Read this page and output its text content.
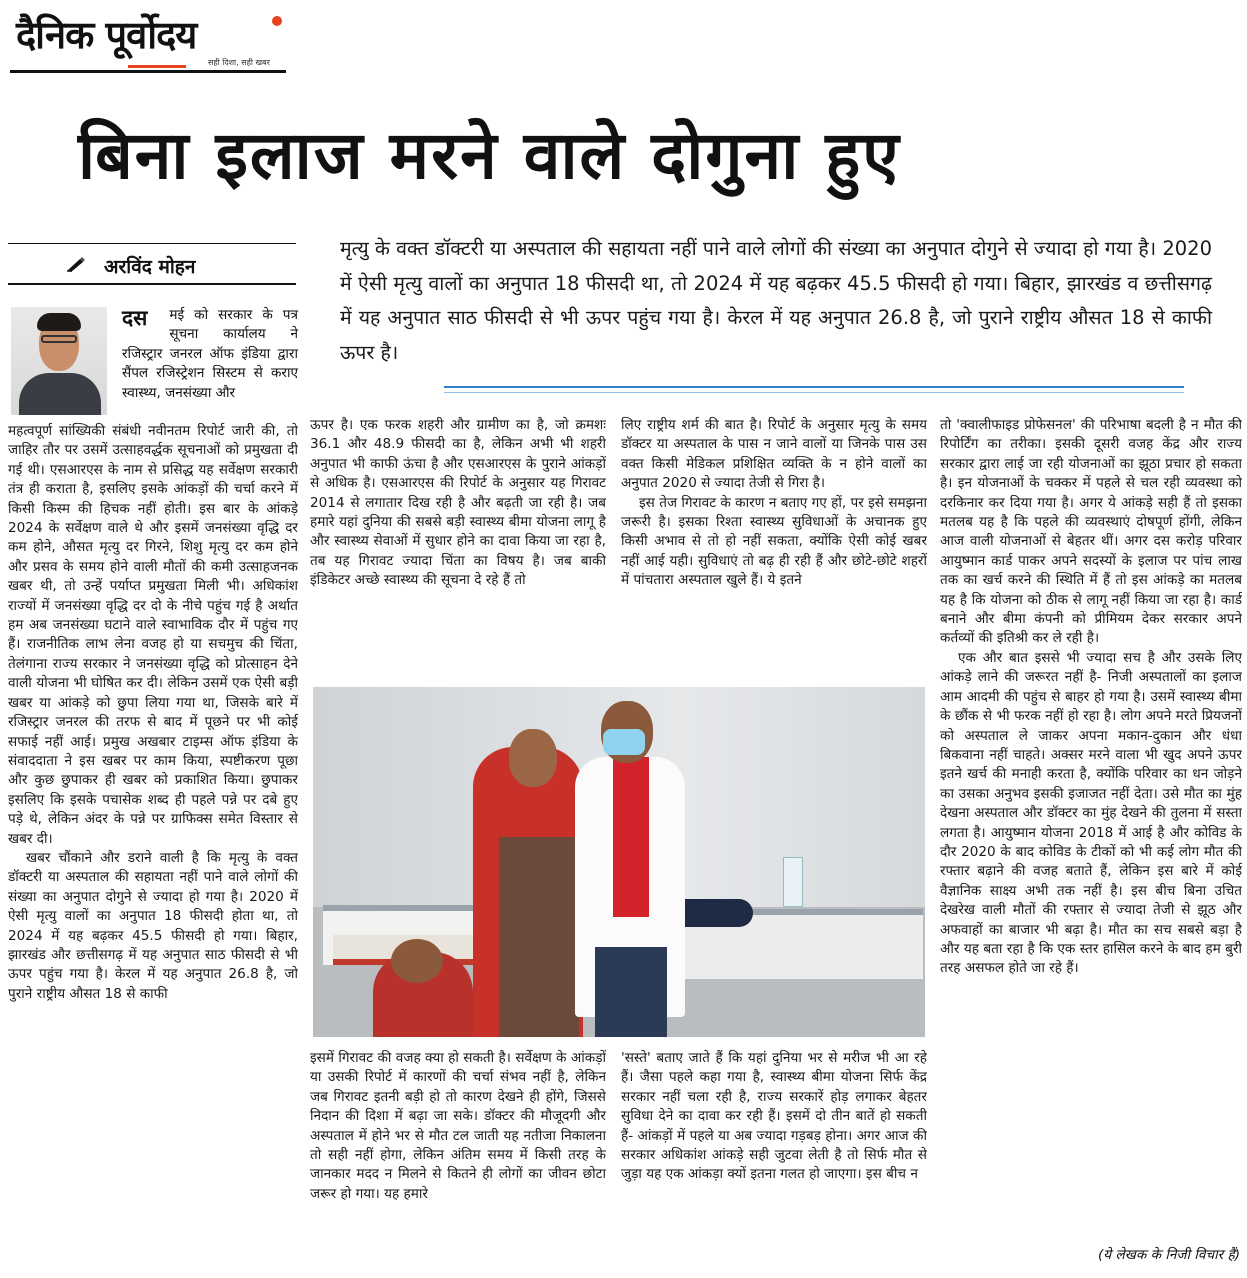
दैनिक पूर्वोदय
सही दिशा, सही खबर
बिना इलाज मरने वाले दोगुना हुए
अरविंद मोहन
मृत्यु के वक्त डॉक्टरी या अस्पताल की सहायता नहीं पाने वाले लोगों की संख्या का अनुपात दोगुने से ज्यादा हो गया है। 2020 में ऐसी मृत्यु वालों का अनुपात 18 फीसदी था, तो 2024 में यह बढ़कर 45.5 फीसदी हो गया। बिहार, झारखंड व छत्तीसगढ़ में यह अनुपात साठ फीसदी से भी ऊपर पहुंच गया है। केरल में यह अनुपात 26.8 है, जो पुराने राष्ट्रीय औसत 18 से काफी ऊपर है।
दस मई को सरकार के पत्र सूचना कार्यालय ने रजिस्ट्रार जनरल ऑफ इंडिया द्वारा सैंपल रजिस्ट्रेशन सिस्टम से कराए स्वास्थ्य, जनसंख्या और

महत्वपूर्ण सांख्यिकी संबंधी नवीनतम रिपोर्ट जारी की, तो जाहिर तौर पर उसमें उत्साहवर्द्धक सूचनाओं को प्रमुखता दी गई थी। एसआरएस के नाम से प्रसिद्ध यह सर्वेक्षण सरकारी तंत्र ही कराता है, इसलिए इसके आंकड़ों की चर्चा करने में किसी किस्म की हिचक नहीं होती। इस बार के आंकड़े 2024 के सर्वेक्षण वाले थे और इसमें जनसंख्या वृद्धि दर कम होने, औसत मृत्यु दर गिरने, शिशु मृत्यु दर कम होने और प्रसव के समय होने वाली मौतों की कमी उत्साहजनक खबर थी, तो उन्हें पर्याप्त प्रमुखता मिली भी। अधिकांश राज्यों में जनसंख्या वृद्धि दर दो के नीचे पहुंच गई है अर्थात हम अब जनसंख्या घटाने वाले स्वाभाविक दौर में पहुंच गए हैं। राजनीतिक लाभ लेना वजह हो या सचमुच की चिंता, तेलंगाना राज्य सरकार ने जनसंख्या वृद्धि को प्रोत्साहन देने वाली योजना भी घोषित कर दी। लेकिन उसमें एक ऐसी बड़ी खबर या आंकड़े को छुपा लिया गया था, जिसके बारे में रजिस्ट्रार जनरल की तरफ से बाद में पूछने पर भी कोई सफाई नहीं आई। प्रमुख अखबार टाइम्स ऑफ इंडिया के संवाददाता ने इस खबर पर काम किया, स्पष्टीकरण पूछा और कुछ छुपाकर ही खबर को प्रकाशित किया। छुपाकर इसलिए कि इसके पचासेक शब्द ही पहले पन्ने पर दबे हुए पड़े थे, लेकिन अंदर के पन्ने पर ग्राफिक्स समेत विस्तार से खबर दी।

खबर चौंकाने और डराने वाली है कि मृत्यु के वक्त डॉक्टरी या अस्पताल की सहायता नहीं पाने वाले लोगों की संख्या का अनुपात दोगुने से ज्यादा हो गया है। 2020 में ऐसी मृत्यु वालों का अनुपात 18 फीसदी होता था, तो 2024 में यह बढ़कर 45.5 फीसदी हो गया। बिहार, झारखंड और छत्तीसगढ़ में यह अनुपात साठ फीसदी से भी ऊपर पहुंच गया है। केरल में यह अनुपात 26.8 है, जो पुराने राष्ट्रीय औसत 18 से काफी

ऊपर है। एक फरक शहरी और ग्रामीण का है, जो क्रमशः 36.1 और 48.9 फीसदी का है, लेकिन अभी भी शहरी अनुपात भी काफी ऊंचा है और एसआरएस के पुराने आंकड़ों से अधिक है। एसआरएस की रिपोर्ट के अनुसार यह गिरावट 2014 से लगातार दिख रही है और बढ़ती जा रही है। जब हमारे यहां दुनिया की सबसे बड़ी स्वास्थ्य बीमा योजना लागू है और स्वास्थ्य सेवाओं में सुधार होने का दावा किया जा रहा है, तब यह गिरावट ज्यादा चिंता का विषय है। जब बाकी इंडिकेटर अच्छे स्वास्थ्य की सूचना दे रहे हैं तो

इसमें गिरावट की वजह क्या हो सकती है। सर्वेक्षण के आंकड़ों या उसकी रिपोर्ट में कारणों की चर्चा संभव नहीं है, लेकिन जब गिरावट इतनी बड़ी हो तो कारण देखने ही होंगे, जिससे निदान की दिशा में बढ़ा जा सके। डॉक्टर की मौजूदगी और अस्पताल में होने भर से मौत टल जाती यह नतीजा निकालना तो सही नहीं होगा, लेकिन अंतिम समय में किसी तरह के जानकार मदद न मिलने से कितने ही लोगों का जीवन छोटा जरूर हो गया। यह हमारे

लिए राष्ट्रीय शर्म की बात है। रिपोर्ट के अनुसार मृत्यु के समय डॉक्टर या अस्पताल के पास न जाने वालों या जिनके पास उस वक्त किसी मेडिकल प्रशिक्षित व्यक्ति के न होने वालों का अनुपात 2020 से ज्यादा तेजी से गिरा है।

इस तेज गिरावट के कारण न बताए गए हों, पर इसे समझना जरूरी है। इसका रिश्ता स्वास्थ्य सुविधाओं के अचानक हुए किसी अभाव से तो हो नहीं सकता, क्योंकि ऐसी कोई खबर नहीं आई यही। सुविधाएं तो बढ़ ही रही हैं और छोटे-छोटे शहरों में पांचतारा अस्पताल खुले हैं। ये इतने

'सस्ते' बताए जाते हैं कि यहां दुनिया भर से मरीज भी आ रहे हैं। जैसा पहले कहा गया है, स्वास्थ्य बीमा योजना सिर्फ केंद्र सरकार नहीं चला रही है, राज्य सरकारें होड़ लगाकर बेहतर सुविधा देने का दावा कर रही हैं। इसमें दो तीन बातें हो सकती हैं- आंकड़ों में पहले या अब ज्यादा गड़बड़ होना। अगर आज की सरकार अधिकांश आंकड़े सही जुटवा लेती है तो सिर्फ मौत से जुड़ा यह एक आंकड़ा क्यों इतना गलत हो जाएगा। इस बीच न

तो 'क्वालीफाइड प्रोफेसनल' की परिभाषा बदली है न मौत की रिपोर्टिंग का तरीका। इसकी दूसरी वजह केंद्र और राज्य सरकार द्वारा लाई जा रही योजनाओं का झूठा प्रचार हो सकता है। इन योजनाओं के चक्कर में पहले से चल रही व्यवस्था को दरकिनार कर दिया गया है। अगर ये आंकड़े सही हैं तो इसका मतलब यह है कि पहले की व्यवस्थाएं दोषपूर्ण होंगी, लेकिन आज वाली योजनाओं से बेहतर थीं। अगर दस करोड़ परिवार आयुष्मान कार्ड पाकर अपने सदस्यों के इलाज पर पांच लाख तक का खर्च करने की स्थिति में हैं तो इस आंकड़े का मतलब यह है कि योजना को ठीक से लागू नहीं किया जा रहा है। कार्ड बनाने और बीमा कंपनी को प्रीमियम देकर सरकार अपने कर्तव्यों की इतिश्री कर ले रही है।

एक और बात इससे भी ज्यादा सच है और उसके लिए आंकड़े लाने की जरूरत नहीं है- निजी अस्पतालों का इलाज आम आदमी की पहुंच से बाहर हो गया है। उसमें स्वास्थ्य बीमा के छौंक से भी फरक नहीं हो रहा है। लोग अपने मरते प्रियजनों को अस्पताल ले जाकर अपना मकान-दुकान और धंधा बिकवाना नहीं चाहते। अक्सर मरने वाला भी खुद अपने ऊपर इतने खर्च की मनाही करता है, क्योंकि परिवार का धन जोड़ने का उसका अनुभव इसकी इजाजत नहीं देता। उसे मौत का मुंह देखना अस्पताल और डॉक्टर का मुंह देखने की तुलना में सस्ता लगता है। आयुष्मान योजना 2018 में आई है और कोविड के दौर 2020 के बाद कोविड के टीकों को भी कई लोग मौत की रफ्तार बढ़ाने की वजह बताते हैं, लेकिन इस बारे में कोई वैज्ञानिक साक्ष्य अभी तक नहीं है। इस बीच बिना उचित देखरेख वाली मौतों की रफ्तार से ज्यादा तेजी से झूठ और अफवाहों का बाजार भी बढ़ा है। मौत का सच सबसे बड़ा है और यह बता रहा है कि एक स्तर हासिल करने के बाद हम बुरी तरह असफल होते जा रहे हैं।

(ये लेखक के निजी विचार हैं)
